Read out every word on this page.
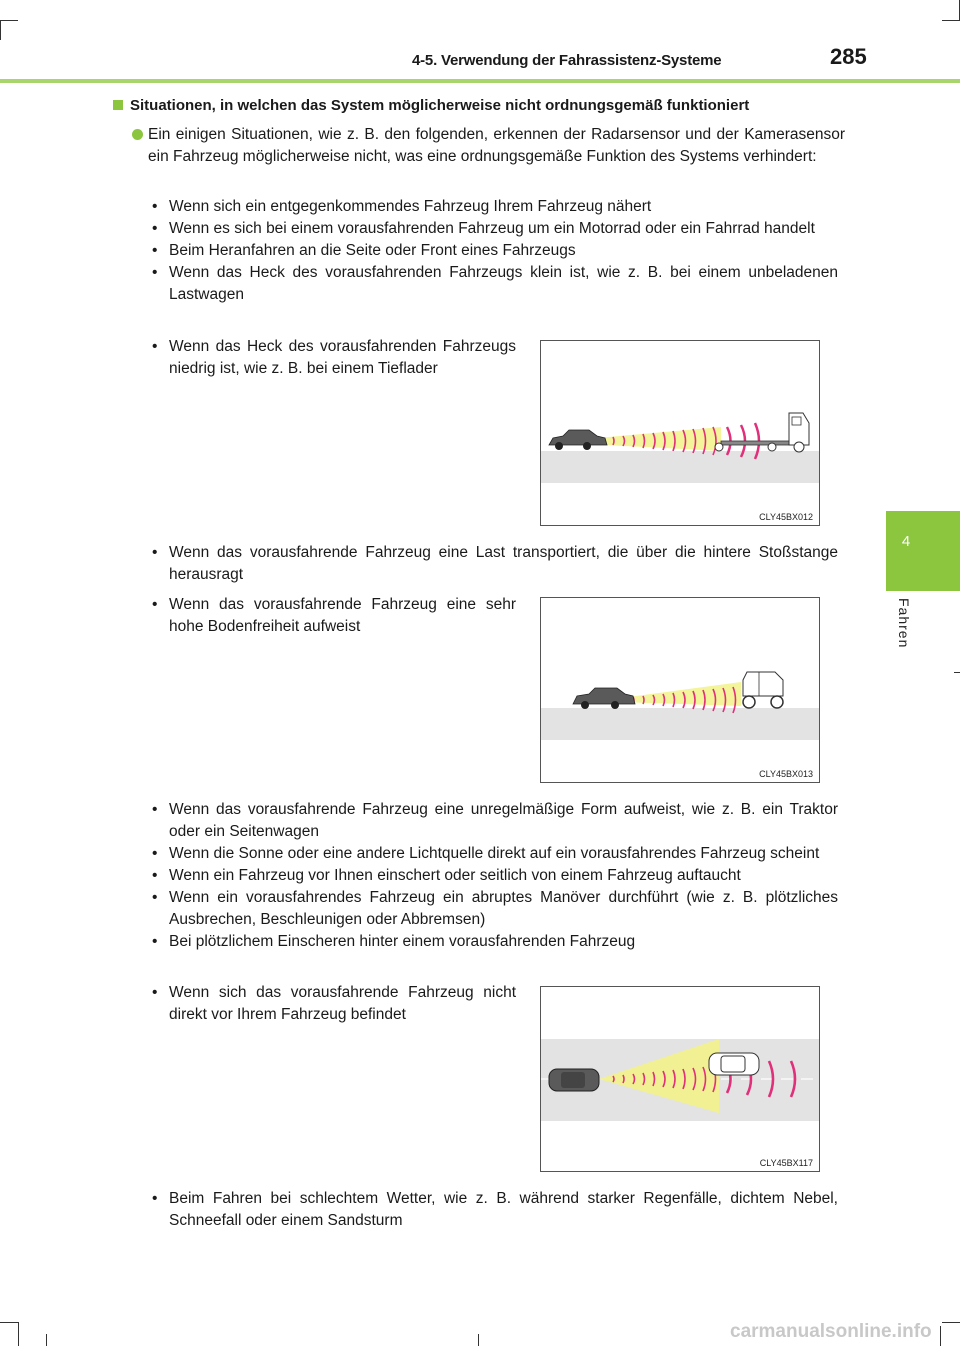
4-5. Verwendung der Fahrassistenz-Systeme	285
4
Fahren
Situationen, in welchen das System möglicherweise nicht ordnungsgemäß funktioniert
Ein einigen Situationen, wie z. B. den folgenden, erkennen der Radarsensor und der Kamerasensor ein Fahrzeug möglicherweise nicht, was eine ordnungsgemäße Funktion des Systems verhindert:
• Wenn sich ein entgegenkommendes Fahrzeug Ihrem Fahrzeug nähert
• Wenn es sich bei einem vorausfahrenden Fahrzeug um ein Motorrad oder ein Fahrrad handelt
• Beim Heranfahren an die Seite oder Front eines Fahrzeugs
• Wenn das Heck des vorausfahrenden Fahrzeugs klein ist, wie z. B. bei einem unbeladenen Lastwagen
• Wenn das Heck des vorausfahrenden Fahrzeugs niedrig ist, wie z. B. bei einem Tieflader
CLY45BX012
• Wenn das vorausfahrende Fahrzeug eine Last transportiert, die über die hintere Stoßstange herausragt
• Wenn das vorausfahrende Fahrzeug eine sehr hohe Bodenfreiheit aufweist
CLY45BX013
• Wenn das vorausfahrende Fahrzeug eine unregelmäßige Form aufweist, wie z. B. ein Traktor oder ein Seitenwagen
• Wenn die Sonne oder eine andere Lichtquelle direkt auf ein vorausfahrendes Fahrzeug scheint
• Wenn ein Fahrzeug vor Ihnen einschert oder seitlich von einem Fahrzeug auftaucht
• Wenn ein vorausfahrendes Fahrzeug ein abruptes Manöver durchführt (wie z. B. plötzliches Ausbrechen, Beschleunigen oder Abbremsen)
• Bei plötzlichem Einscheren hinter einem vorausfahrenden Fahrzeug
• Wenn sich das vorausfahrende Fahrzeug nicht direkt vor Ihrem Fahrzeug befindet
CLY45BX117
• Beim Fahren bei schlechtem Wetter, wie z. B. während starker Regenfälle, dichtem Nebel, Schneefall oder einem Sandsturm
carmanualsonline.info
